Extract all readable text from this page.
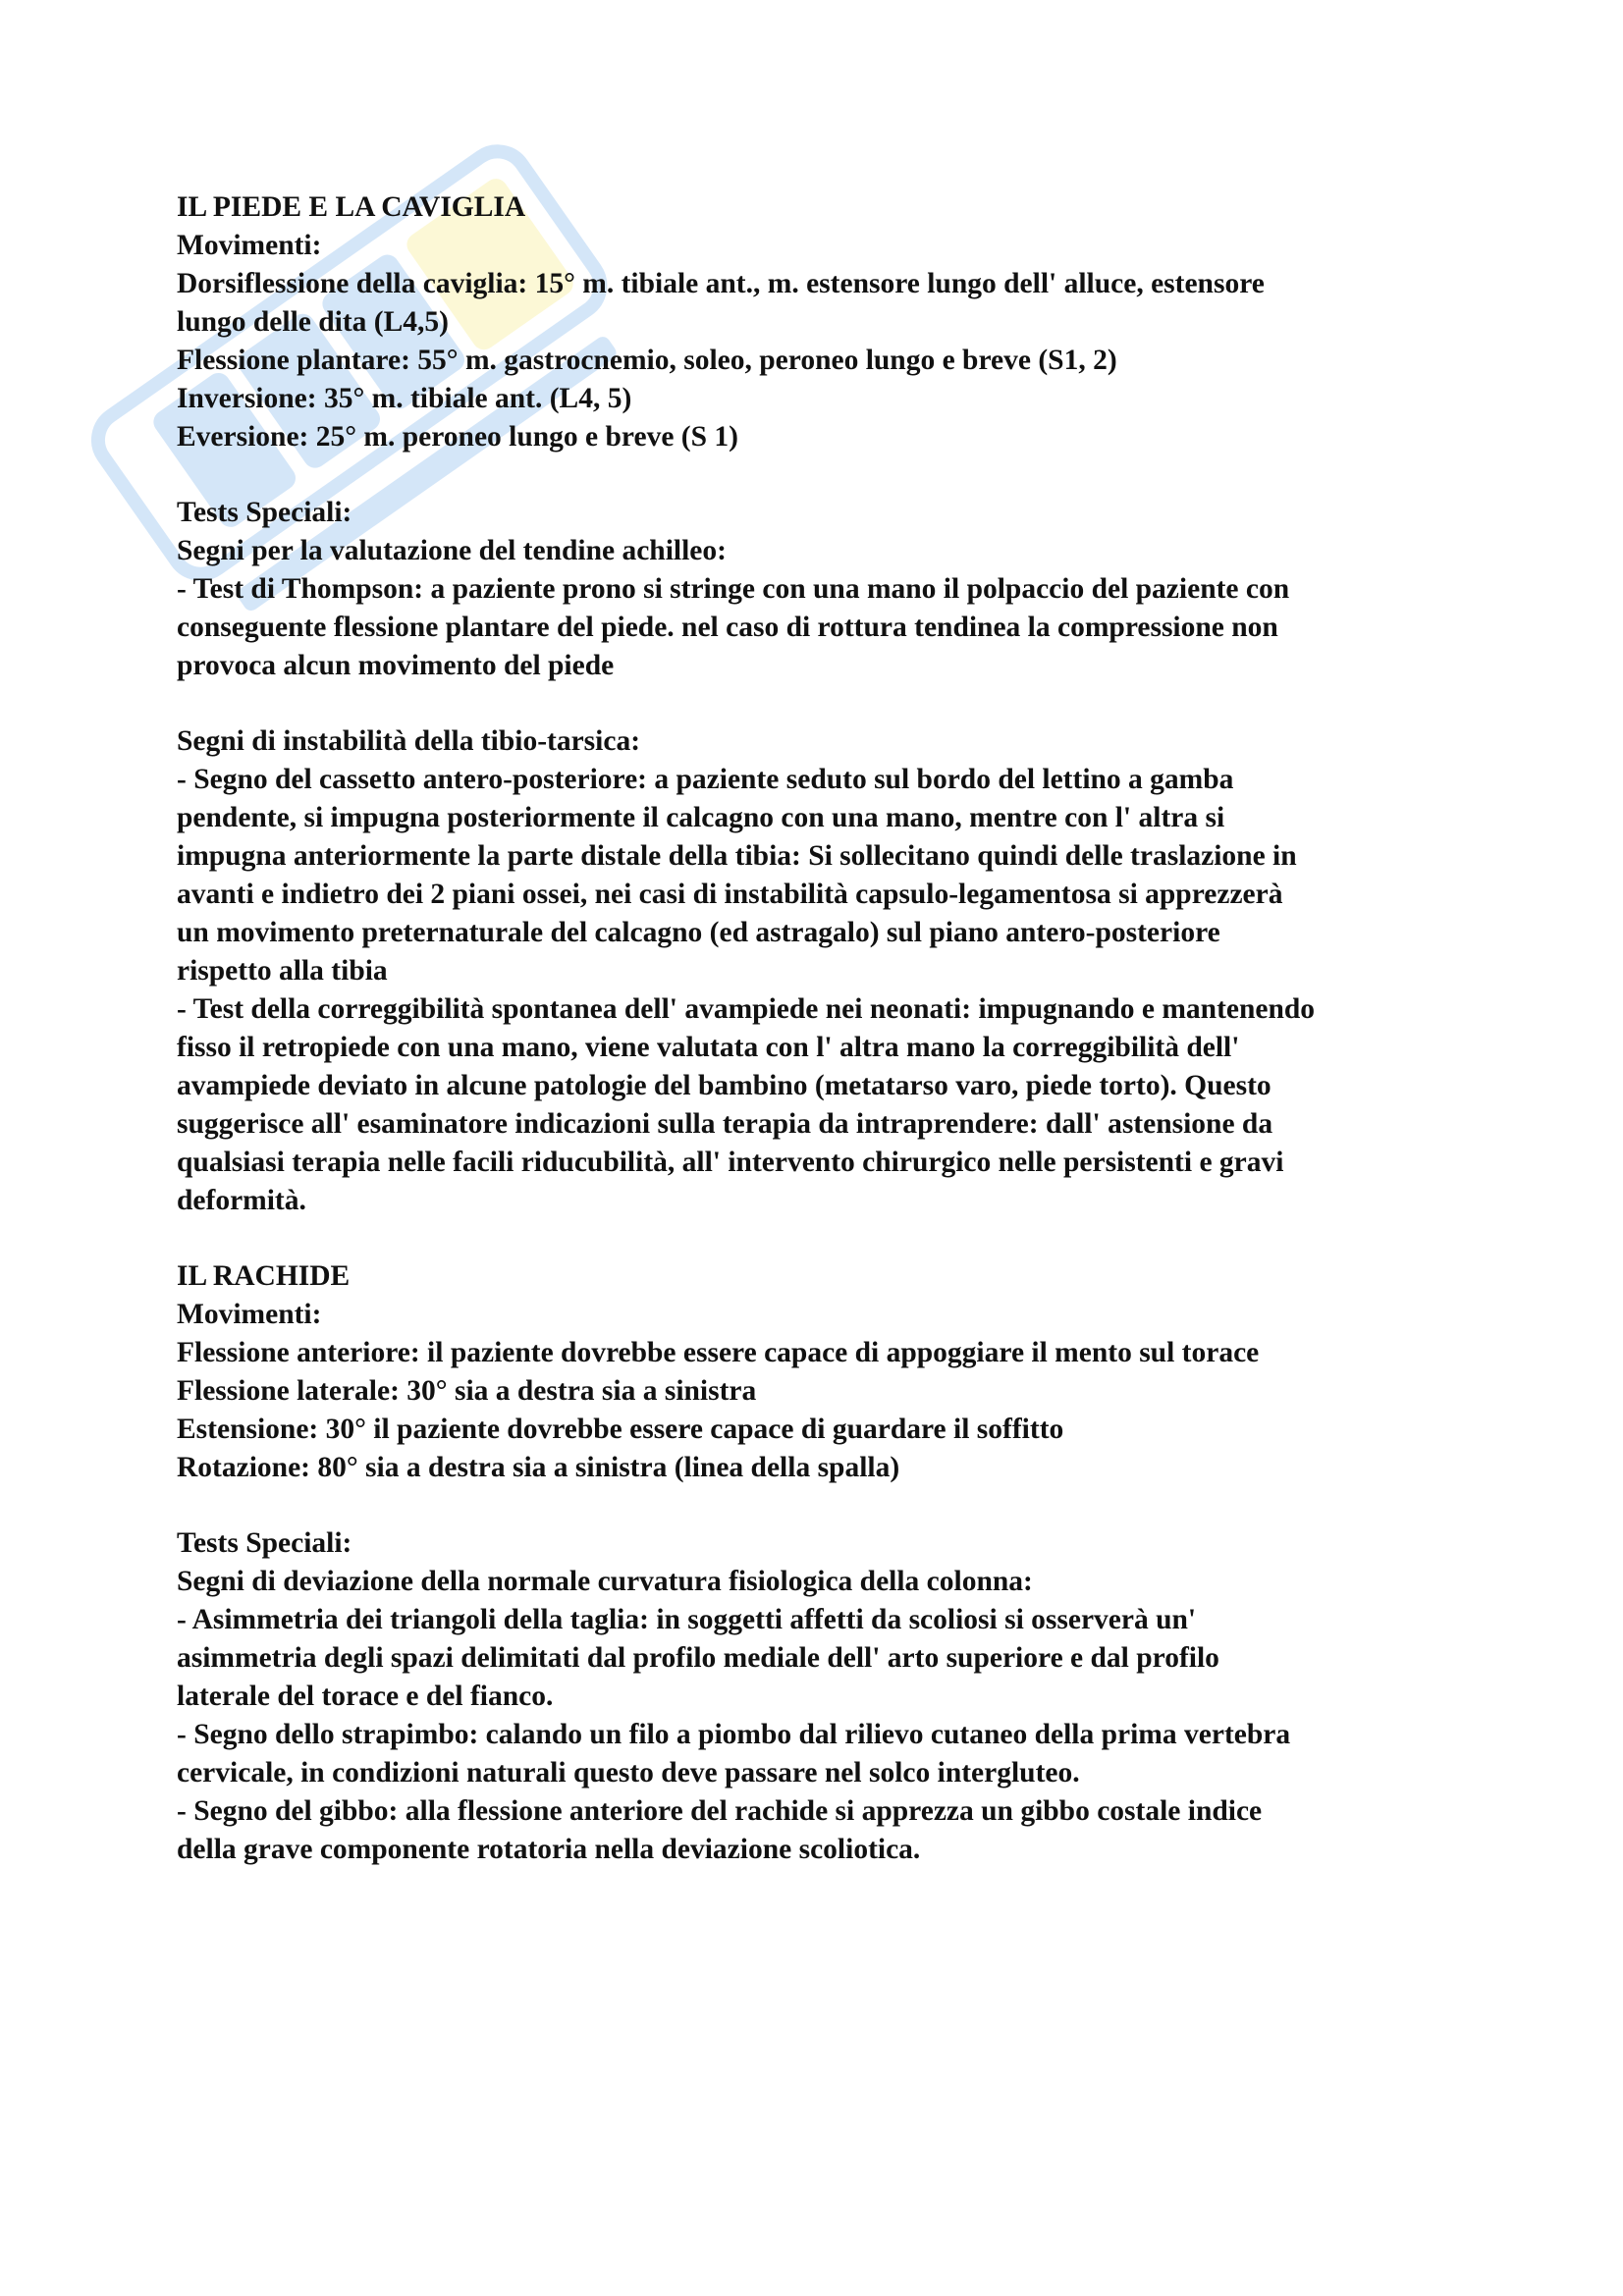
IL PIEDE E LA CAVIGLIA
Movimenti:
Dorsiflessione della caviglia: 15° m. tibiale ant., m. estensore lungo dell' alluce, estensore
lungo delle dita (L4,5)
Flessione plantare: 55° m. gastrocnemio, soleo, peroneo lungo e breve (S1, 2)
Inversione: 35° m. tibiale ant. (L4, 5)
Eversione: 25° m. peroneo lungo e breve (S 1)
Tests Speciali:
Segni per la valutazione del tendine achilleo:
- Test di Thompson: a paziente prono si stringe con una mano il polpaccio del paziente con
conseguente flessione plantare del piede. nel caso di rottura tendinea la compressione non
provoca alcun movimento del piede
Segni di instabilità della tibio-tarsica:
- Segno del cassetto antero-posteriore: a paziente seduto sul bordo del lettino a gamba
pendente, si impugna posteriormente il calcagno con una mano, mentre con l' altra si
impugna anteriormente la parte distale della tibia: Si sollecitano quindi delle traslazione in
avanti e indietro dei 2 piani ossei, nei casi di instabilità capsulo-legamentosa si apprezzerà
un movimento preternaturale del calcagno (ed astragalo) sul piano antero-posteriore
rispetto alla tibia
- Test della correggibilità spontanea dell' avampiede nei neonati: impugnando e mantenendo
fisso il retropiede con una mano, viene valutata con l' altra mano la correggibilità dell'
avampiede deviato in alcune patologie del bambino (metatarso varo, piede torto). Questo
suggerisce all' esaminatore indicazioni sulla terapia da intraprendere: dall' astensione da
qualsiasi terapia nelle facili riducubilità, all' intervento chirurgico nelle persistenti e gravi
deformità.
IL RACHIDE
Movimenti:
Flessione anteriore: il paziente dovrebbe essere capace di appoggiare il mento sul torace
Flessione laterale: 30° sia a destra sia a sinistra
Estensione: 30° il paziente dovrebbe essere capace di guardare il soffitto
Rotazione: 80° sia a destra sia a sinistra (linea della spalla)
Tests Speciali:
Segni di deviazione della normale curvatura fisiologica della colonna:
- Asimmetria dei triangoli della taglia: in soggetti affetti da scoliosi si osserverà un'
asimmetria degli spazi delimitati dal profilo mediale dell' arto superiore e dal profilo
laterale del torace e del fianco.
- Segno dello strapimbo: calando un filo a piombo dal rilievo cutaneo della prima vertebra
cervicale, in condizioni naturali questo deve passare nel solco intergluteo.
- Segno del gibbo: alla flessione anteriore del rachide si apprezza un gibbo costale indice
della grave componente rotatoria nella deviazione scoliotica.
